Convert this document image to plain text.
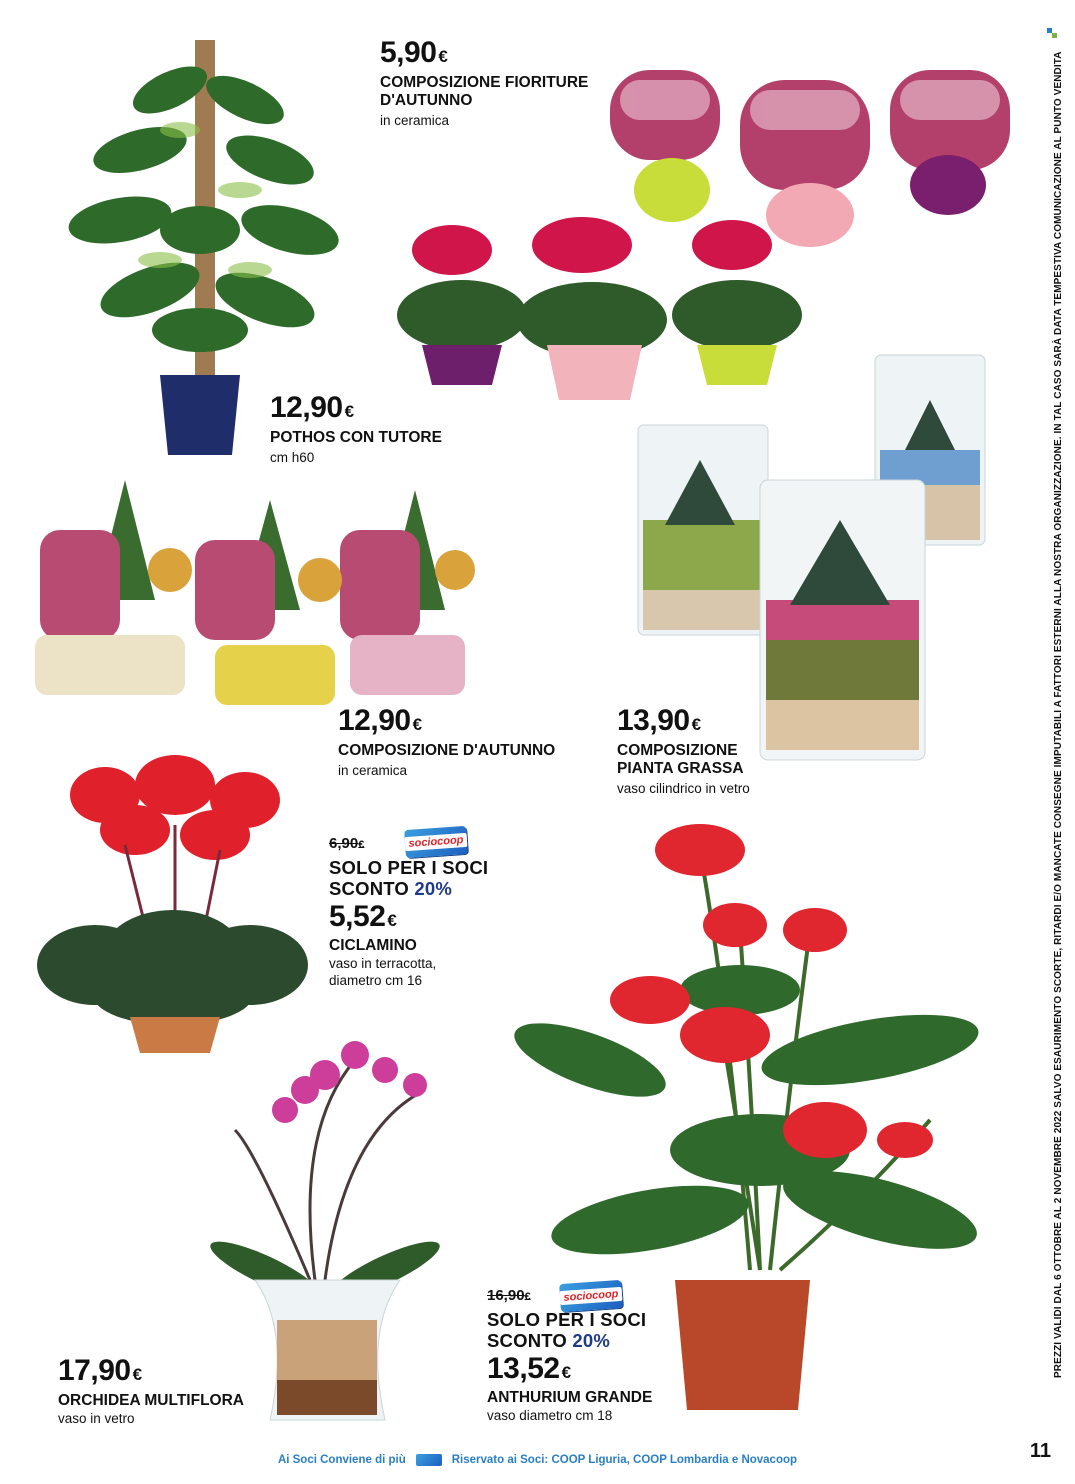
5,90 €
COMPOSIZIONE FIORITURE
D'AUTUNNO
in ceramica
12,90 €
POTHOS CON TUTORE
cm h60
12,90 €
COMPOSIZIONE D'AUTUNNO
in ceramica
13,90 €
COMPOSIZIONE
PIANTA GRASSA
vaso cilindrico in vetro
sociocoop
6,90€
SOLO PER I SOCI
SCONTO 20%
5,52 €
CICLAMINO
vaso in terracotta,
diametro cm 16
sociocoop
16,90€
SOLO PER I SOCI
SCONTO 20%
13,52 €
ANTHURIUM GRANDE
vaso diametro cm 18
17,90 €
ORCHIDEA MULTIFLORA
vaso in vetro
PREZZI VALIDI DAL 6 OTTOBRE AL 2 NOVEMBRE 2022 SALVO ESAURIMENTO SCORTE, RITARDI E/O MANCATE CONSEGNE IMPUTABILI A FATTORI ESTERNI ALLA NOSTRA ORGANIZZAZIONE. IN TAL CASO SARÀ DATA TEMPESTIVA COMUNICAZIONE AL PUNTO VENDITA
Ai Soci Conviene di più	Riservato ai Soci: COOP Liguria, COOP Lombardia e Novacoop	11
